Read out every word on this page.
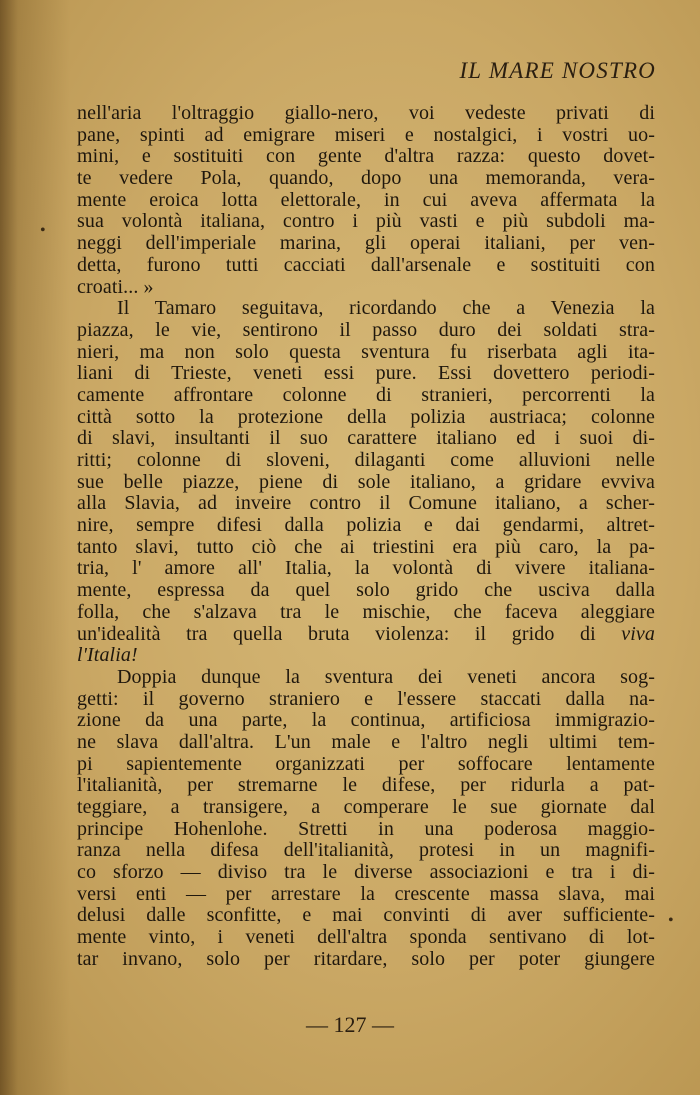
IL MARE NOSTRO
nell'aria l'oltraggio giallo-nero, voi vedeste privati di
pane, spinti ad emigrare miseri e nostalgici, i vostri uo-
mini, e sostituiti con gente d'altra razza: questo dovet-
te vedere Pola, quando, dopo una memoranda, vera-
mente eroica lotta elettorale, in cui aveva affermata la
sua volontà italiana, contro i più vasti e più subdoli ma-
neggi dell'imperiale marina, gli operai italiani, per ven-
detta, furono tutti cacciati dall'arsenale e sostituiti con
croati... »
Il Tamaro seguitava, ricordando che a Venezia la
piazza, le vie, sentirono il passo duro dei soldati stra-
nieri, ma non solo questa sventura fu riserbata agli ita-
liani di Trieste, veneti essi pure. Essi dovettero periodi-
camente affrontare colonne di stranieri, percorrenti la
città sotto la protezione della polizia austriaca; colonne
di slavi, insultanti il suo carattere italiano ed i suoi di-
ritti; colonne di sloveni, dilaganti come alluvioni nelle
sue belle piazze, piene di sole italiano, a gridare evviva
alla Slavia, ad inveire contro il Comune italiano, a scher-
nire, sempre difesi dalla polizia e dai gendarmi, altret-
tanto slavi, tutto ciò che ai triestini era più caro, la pa-
tria, l' amore all' Italia, la volontà di vivere italiana-
mente, espressa da quel solo grido che usciva dalla
folla, che s'alzava tra le mischie, che faceva aleggiare
un'idealità tra quella bruta violenza: il grido di viva
l'Italia!
Doppia dunque la sventura dei veneti ancora sog-
getti: il governo straniero e l'essere staccati dalla na-
zione da una parte, la continua, artificiosa immigrazio-
ne slava dall'altra. L'un male e l'altro negli ultimi tem-
pi sapientemente organizzati per soffocare lentamente
l'italianità, per stremarne le difese, per ridurla a pat-
teggiare, a transigere, a comperare le sue giornate dal
principe Hohenlohe. Stretti in una poderosa maggio-
ranza nella difesa dell'italianità, protesi in un magnifi-
co sforzo — diviso tra le diverse associazioni e tra i di-
versi enti — per arrestare la crescente massa slava, mai
delusi dalle sconfitte, e mai convinti di aver sufficiente-
mente vinto, i veneti dell'altra sponda sentivano di lot-
tar invano, solo per ritardare, solo per poter giungere
— 127 —
•
•
